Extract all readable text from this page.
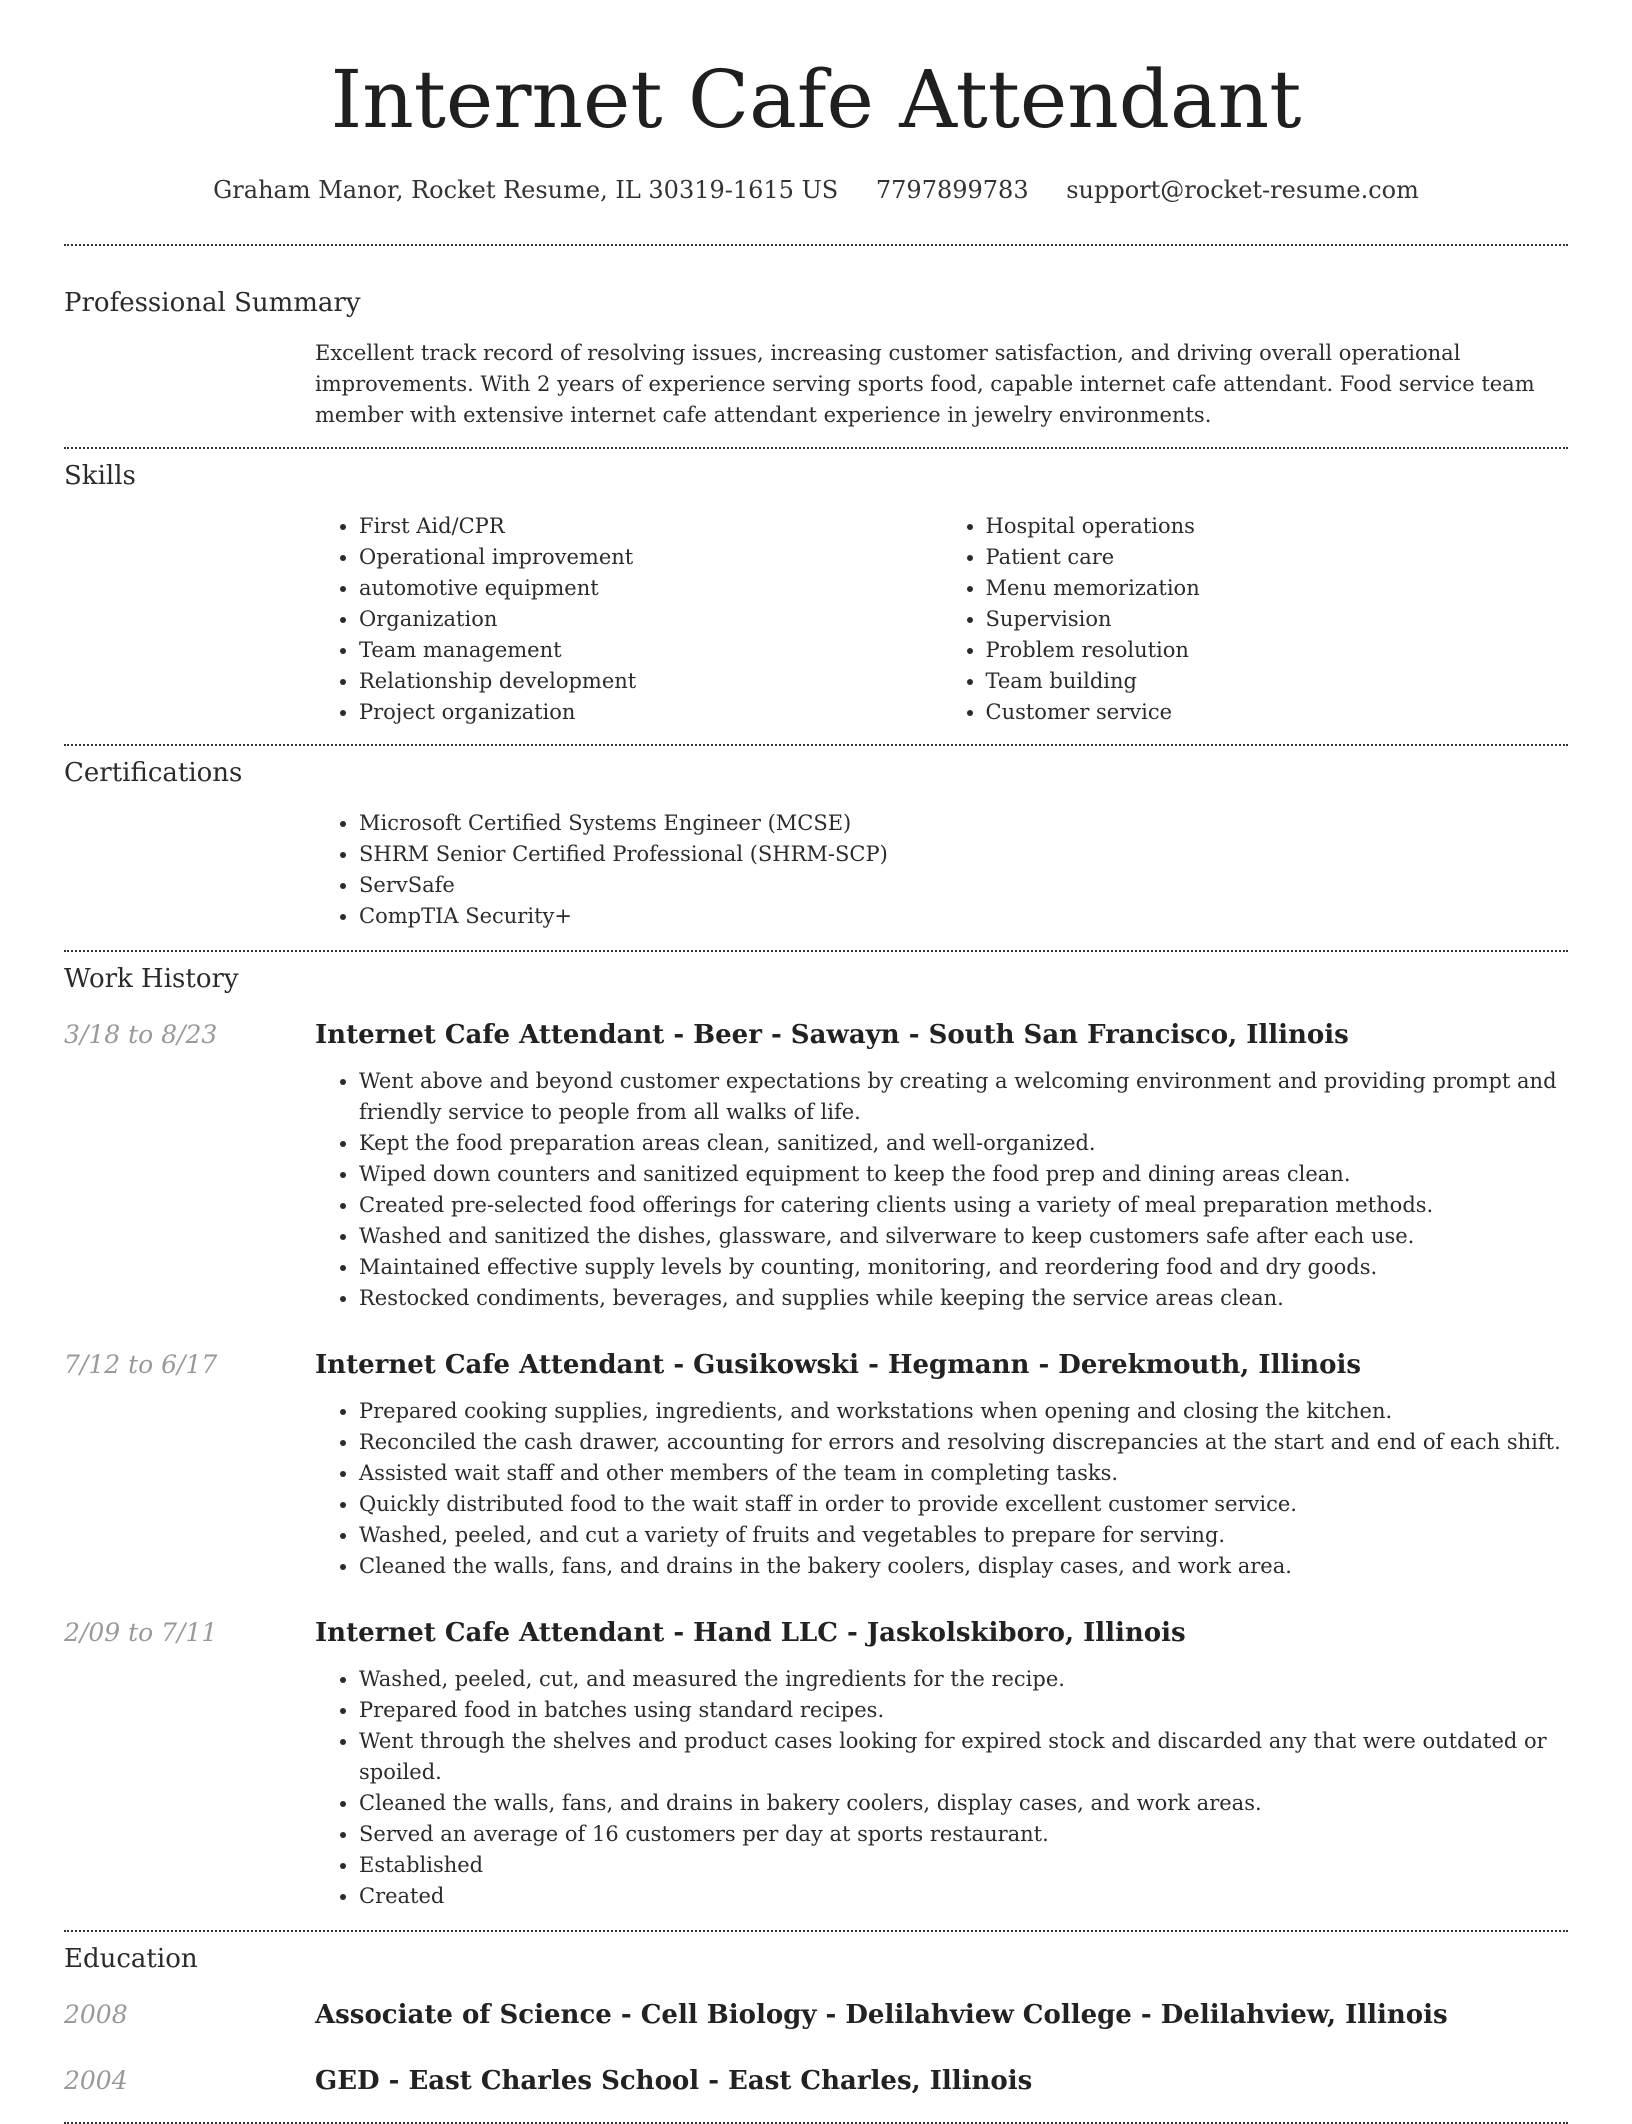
Internet Cafe Attendant
Graham Manor, Rocket Resume, IL 30319-1615 US 7797899783 support@rocket-resume.com
Professional Summary

Excellent track record of resolving issues, increasing customer satisfaction, and driving overall operational improvements. With 2 years of experience serving sports food, capable internet cafe attendant. Food service team member with extensive internet cafe attendant experience in jewelry environments.

Skills
• First Aid/CPR
• Operational improvement
• automotive equipment
• Organization
• Team management
• Relationship development
• Project organization
• Hospital operations
• Patient care
• Menu memorization
• Supervision
• Problem resolution
• Team building
• Customer service
Certifications
• Microsoft Certified Systems Engineer (MCSE)
• SHRM Senior Certified Professional (SHRM-SCP)
• ServSafe
• CompTIA Security+
Work History
3/18 to 8/23	Internet Cafe Attendant - Beer - Sawayn - South San Francisco, Illinois
• Went above and beyond customer expectations by creating a welcoming environment and providing prompt and friendly service to people from all walks of life.
• Kept the food preparation areas clean, sanitized, and well-organized.
• Wiped down counters and sanitized equipment to keep the food prep and dining areas clean.
• Created pre-selected food offerings for catering clients using a variety of meal preparation methods.
• Washed and sanitized the dishes, glassware, and silverware to keep customers safe after each use.
• Maintained effective supply levels by counting, monitoring, and reordering food and dry goods.
• Restocked condiments, beverages, and supplies while keeping the service areas clean.
7/12 to 6/17	Internet Cafe Attendant - Gusikowski - Hegmann - Derekmouth, Illinois
• Prepared cooking supplies, ingredients, and workstations when opening and closing the kitchen.
• Reconciled the cash drawer, accounting for errors and resolving discrepancies at the start and end of each shift.
• Assisted wait staff and other members of the team in completing tasks.
• Quickly distributed food to the wait staff in order to provide excellent customer service.
• Washed, peeled, and cut a variety of fruits and vegetables to prepare for serving.
• Cleaned the walls, fans, and drains in the bakery coolers, display cases, and work area.
2/09 to 7/11	Internet Cafe Attendant - Hand LLC - Jaskolskiboro, Illinois
• Washed, peeled, cut, and measured the ingredients for the recipe.
• Prepared food in batches using standard recipes.
• Went through the shelves and product cases looking for expired stock and discarded any that were outdated or spoiled.
• Cleaned the walls, fans, and drains in bakery coolers, display cases, and work areas.
• Served an average of 16 customers per day at sports restaurant.
• Established
• Created
Education
2008	Associate of Science - Cell Biology - Delilahview College - Delilahview, Illinois
2004	GED - East Charles School - East Charles, Illinois
